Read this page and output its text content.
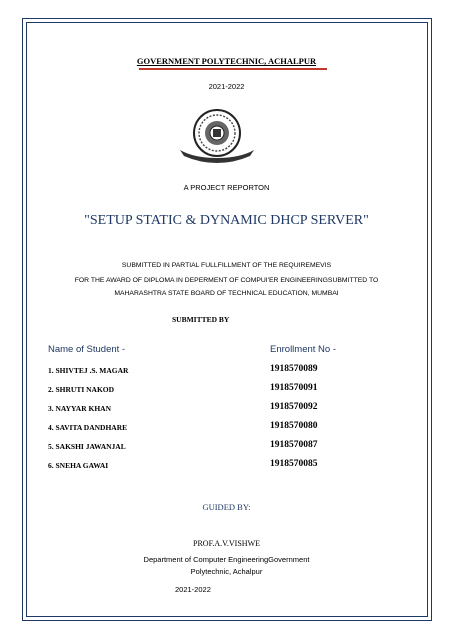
GOVERNMENT POLYTECHNIC, ACHALPUR
2021-2022
A PROJECT REPORTON
"SETUP STATIC & DYNAMIC DHCP SERVER"
SUBMITTED IN PARTIAL FULLFILLMENT OF THE REQUIREMEVIS
FOR THE AWARD OF DIPLOMA IN DEPERMENT OF COMPUI'ER ENGINEERINGSUBMITTED TO
MAHARASHTRA STATE BOARD OF TECHNICAL EDUCATION, MUMBAI
SUBMITTED BY
Name of Student -	Enrollment No -
1. SHIVTEJ .S. MAGAR	1918570089
2. SHRUTI NAKOD	1918570091
3. NAYYAR KHAN	1918570092
4. SAVITA DANDHARE	1918570080
5. SAKSHI JAWANJAL	1918570087
6. SNEHA GAWAI	1918570085
GUIDED BY:
PROF.A.V.VISHWE
Department of Computer EngineeringGovernment
Polytechnic, Achalpur
2021-2022
